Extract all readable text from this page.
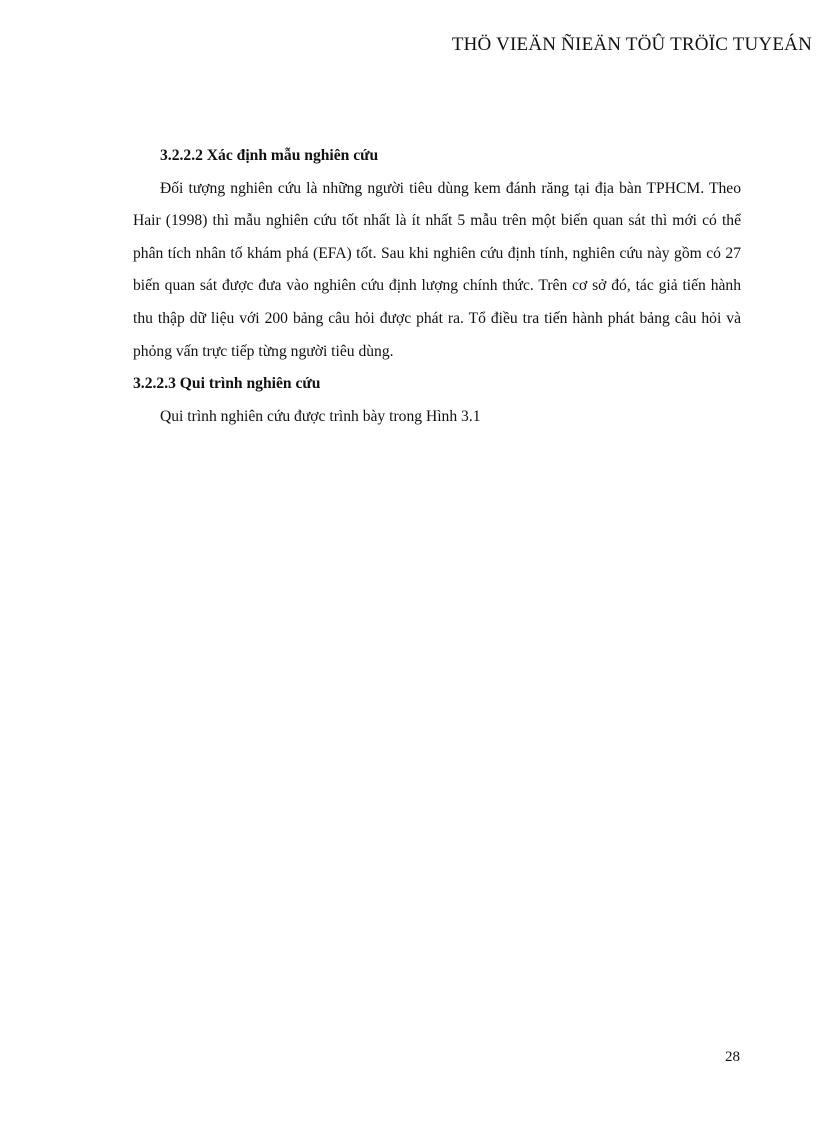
THÖ VIEÄN ÑIEÄN TÖÛ TRÖÏC TUYEÁN

3.2.2.2 Xác định mẫu nghiên cứu

Đối tượng nghiên cứu là những người tiêu dùng kem đánh răng tại địa bàn TPHCM. Theo Hair (1998) thì mẫu nghiên cứu tốt nhất là ít nhất 5 mẫu trên một biến quan sát thì mới có thể phân tích nhân tố khám phá (EFA) tốt. Sau khi nghiên cứu định tính, nghiên cứu này gồm có 27 biến quan sát được đưa vào nghiên cứu định lượng chính thức. Trên cơ sở đó, tác giả tiến hành thu thập dữ liệu với 200 bảng câu hỏi được phát ra. Tổ điều tra tiến hành phát bảng câu hỏi và phỏng vấn trực tiếp từng người tiêu dùng.

3.2.2.3 Qui trình nghiên cứu

Qui trình nghiên cứu được trình bày trong Hình 3.1

28
